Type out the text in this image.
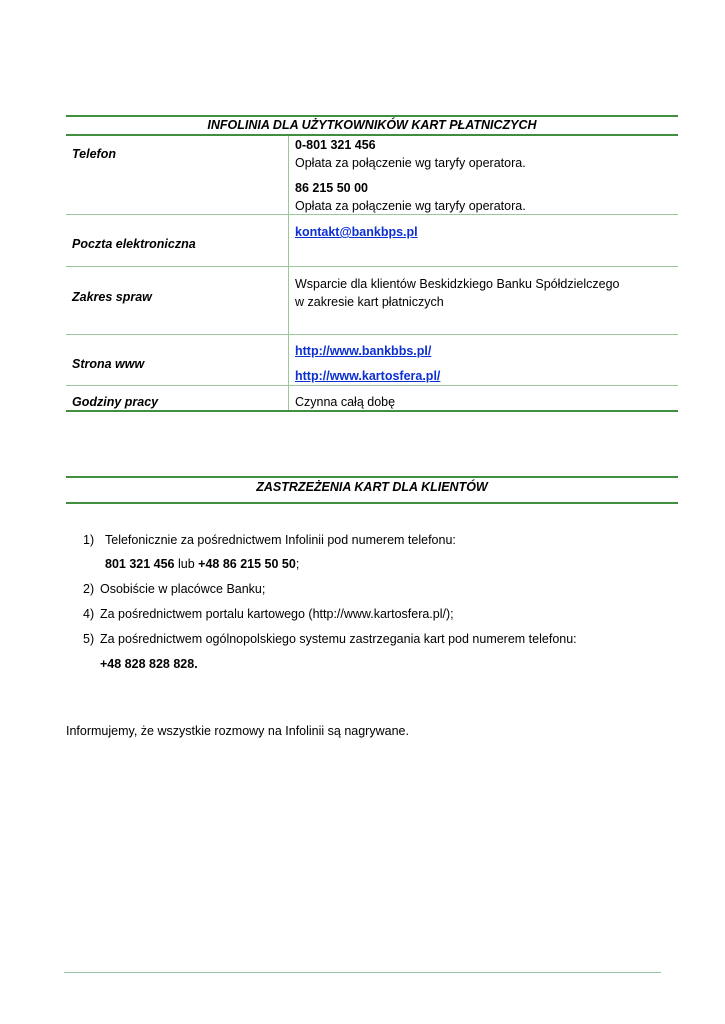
INFOLINIA DLA UŻYTKOWNIKÓW KART PŁATNICZYCH
Telefon
0-801 321 456
Opłata za połączenie wg taryfy operatora.
86 215 50 00
Opłata za połączenie wg taryfy operatora.
Poczta elektroniczna
kontakt@bankbps.pl
Zakres spraw
Wsparcie dla klientów Beskidzkiego Banku Spółdzielczego
w zakresie kart płatniczych
Strona www
http://www.bankbbs.pl/
http://www.kartosfera.pl/
Godziny pracy	Czynna całą dobę
ZASTRZEŻENIA KART DLA KLIENTÓW
1) Telefonicznie za pośrednictwem Infolinii pod numerem telefonu:
801 321 456 lub +48 86 215 50 50;
2) Osobiście w placówce Banku;
4) Za pośrednictwem portalu kartowego (http://www.kartosfera.pl/);
5) Za pośrednictwem ogólnopolskiego systemu zastrzegania kart pod numerem telefonu:
+48 828 828 828.
Informujemy, że wszystkie rozmowy na Infolinii są nagrywane.
